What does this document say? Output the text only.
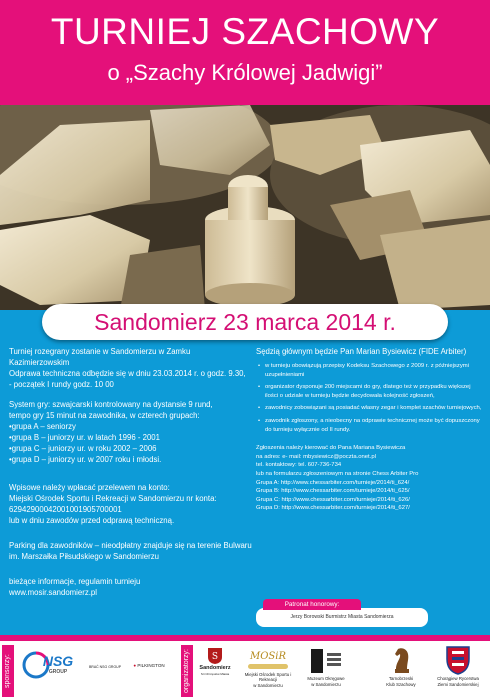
TURNIEJ SZACHOWY
o „Szachy Królowej Jadwigi”
Sandomierz 23 marca 2014 r.
Turniej rozegrany zostanie w Sandomierzu w Zamku
Kazimierzowskim
Odprawa techniczna odbędzie się w dniu 23.03.2014 r. o godz. 9.30,
- początek I rundy godz. 10 00
System gry: szwajcarski kontrolowany na dystansie 9 rund,
tempo gry 15 minut na zawodnika, w czterech grupach:
•grupa A – seniorzy
•grupa B – juniorzy ur. w latach 1996 - 2001
•grupa C – juniorzy ur. w roku 2002 – 2006
•grupa D – juniorzy ur. w 2007 roku i młodsi.
Wpisowe należy wpłacać przelewem na konto:
Miejski Ośrodek Sportu i Rekreacji w Sandomierzu nr konta:
62942900042001001905700001
lub w dniu zawodów przed odprawą techniczną.
Parking dla zawodników – nieodpłatny znajduje się na terenie Bulwaru
im. Marszałka Piłsudskiego w Sandomierzu
bieżące informacje, regulamin turnieju
www.mosir.sandomierz.pl
Sędzią głównym będzie Pan Marian Bysiewicz (FIDE Arbiter)
• w turnieju obowiązują przepisy Kodeksu Szachowego z 2009 r. z późniejszymi uzupełnieniami
• organizator dysponuje 200 miejscami do gry, dlatego też w przypadku większej ilości o udziale w turnieju będzie decydowała kolejność zgłoszeń,
• zawodnicy zobowiązani są posiadać własny zegar i komplet szachów turniejowych,
• zawodnik zgłoszony, a nieobecny na odprawie technicznej może być dopuszczony do turnieju wyłącznie od II rundy.
Zgłoszenia należy kierować do Pana Mariana Bysiewicza
na adres: e- mail: mbysiewicz@poczta.onet.pl
tel. kontaktowy: tel. 607-736-734
lub na formularzu zgłoszeniowym na stronie Chess Arbiter Pro
Grupa A: http://www.chessarbiter.com/turnieje/2014/ti_624/
Grupa B: http://www.chessarbiter.com/turnieje/2014/ti_625/
Grupa C: http://www.chessarbiter.com/turnieje/2014/ti_626/
Grupa D: http://www.chessarbiter.com/turnieje/2014/ti_627/
Jerzy Borowski Burmistrz Miasta Sandomierza
Patronat honorowy:
sponsorzy:	NSG
GROUP
BRAĆ NSG GROUP	● PILKINGTON	organizatorzy:	S
Sandomierz
Sri Chrzęstów Miasta
MOSiR
Miejski Ośrodek Sportu i Rekreacji
w Sandomierzu
Muzeum Okręgowe
w Sandomierzu
Tarnobrzeski
Klub Szachowy
Chorągiew Rycerstwa
Ziemi Sandomierskiej
